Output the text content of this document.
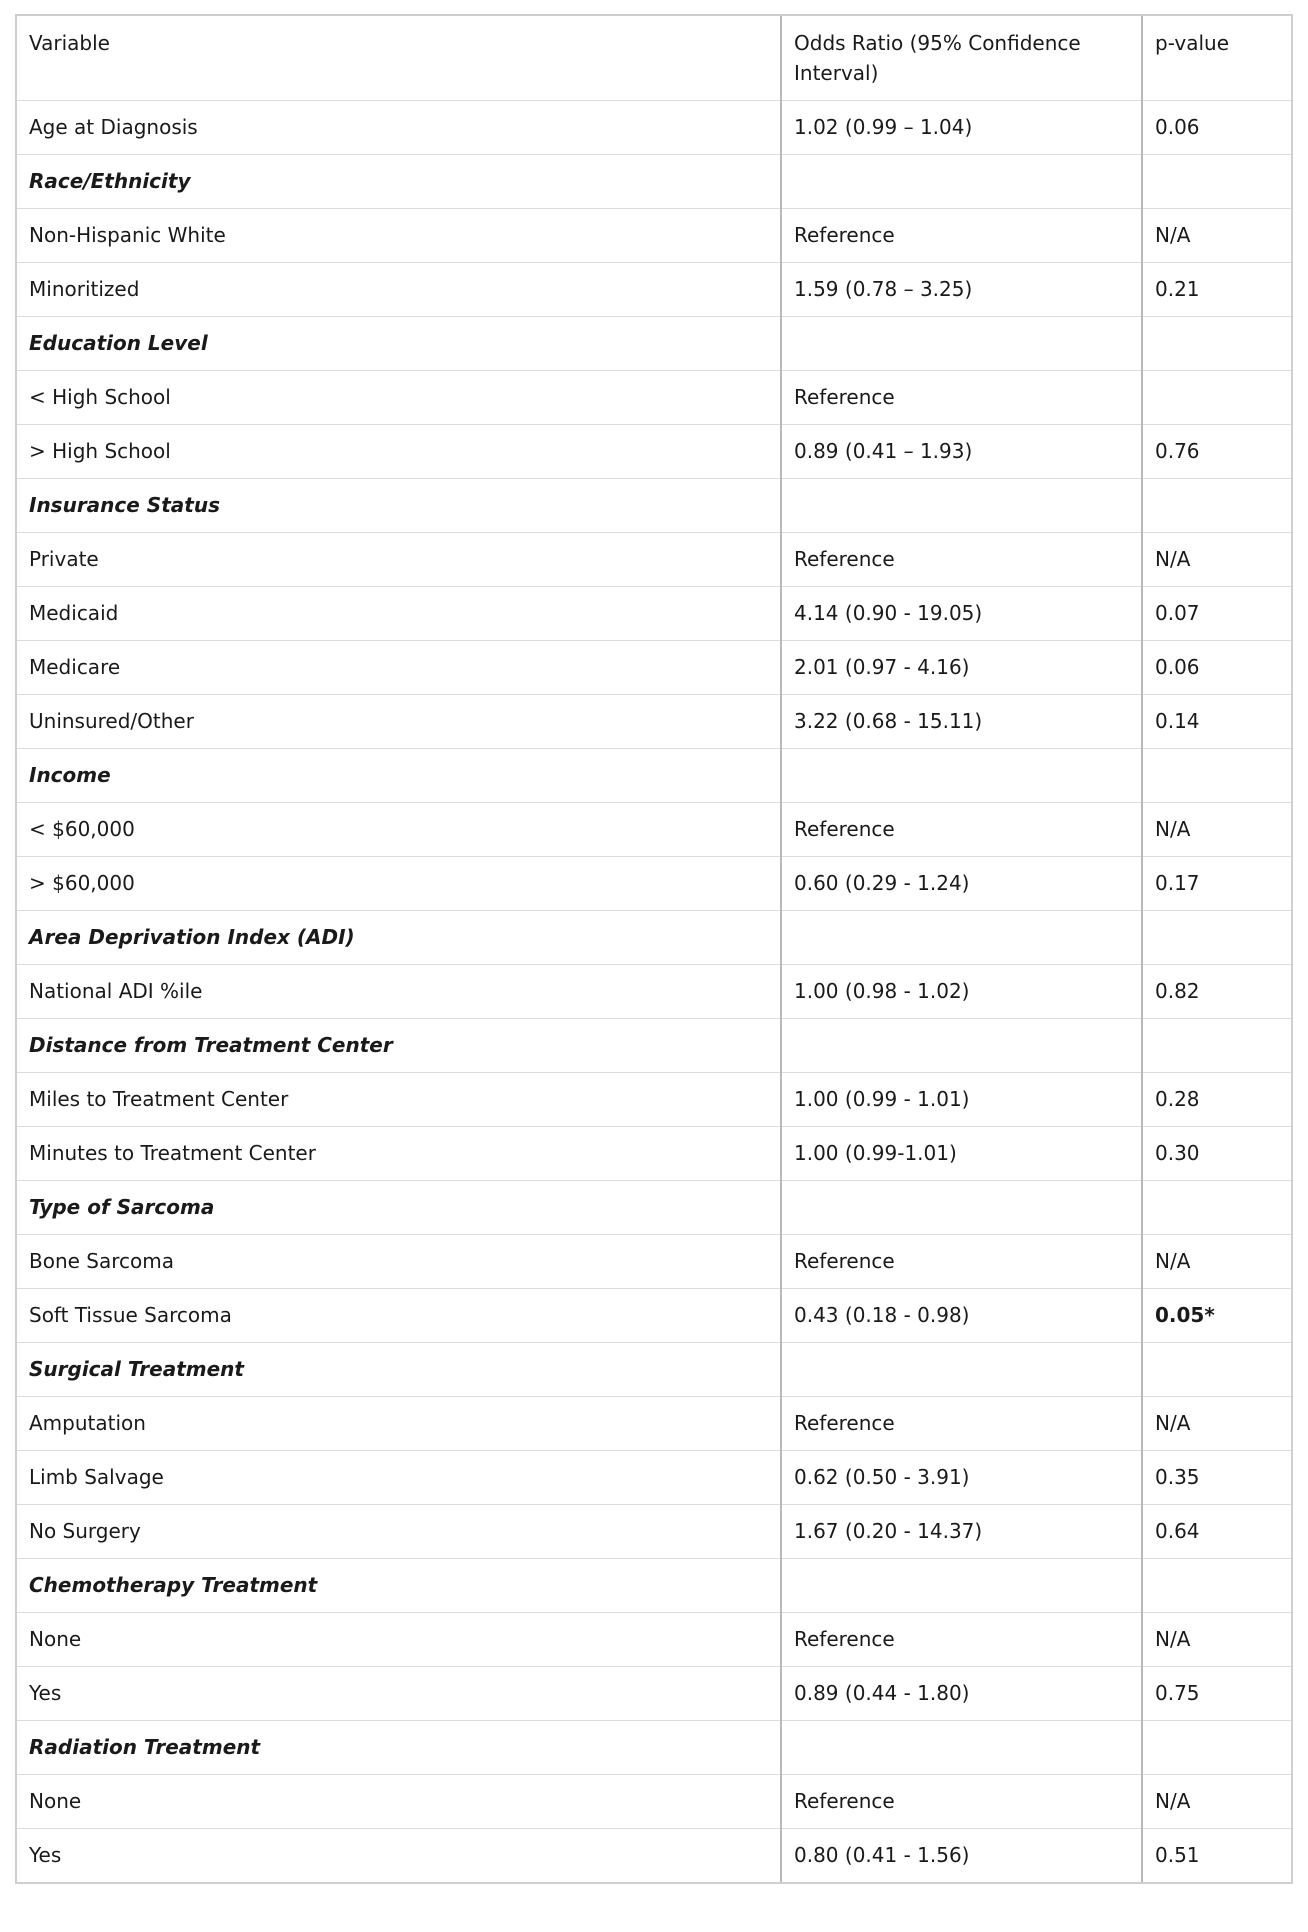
Variable	Odds Ratio (95% Confidence Interval)	p-value
Age at Diagnosis	1.02 (0.99 – 1.04)	0.06
Race/Ethnicity		
Non-Hispanic White	Reference	N/A
Minoritized	1.59 (0.78 – 3.25)	0.21
Education Level		
< High School	Reference	
> High School	0.89 (0.41 – 1.93)	0.76
Insurance Status		
Private	Reference	N/A
Medicaid	4.14 (0.90 - 19.05)	0.07
Medicare	2.01 (0.97 - 4.16)	0.06
Uninsured/Other	3.22 (0.68 - 15.11)	0.14
Income		
< $60,000	Reference	N/A
> $60,000	0.60 (0.29 - 1.24)	0.17
Area Deprivation Index (ADI)		
National ADI %ile	1.00 (0.98 - 1.02)	0.82
Distance from Treatment Center		
Miles to Treatment Center	1.00 (0.99 - 1.01)	0.28
Minutes to Treatment Center	1.00 (0.99-1.01)	0.30
Type of Sarcoma		
Bone Sarcoma	Reference	N/A
Soft Tissue Sarcoma	0.43 (0.18 - 0.98)	0.05*
Surgical Treatment		
Amputation	Reference	N/A
Limb Salvage	0.62 (0.50 - 3.91)	0.35
No Surgery	1.67 (0.20 - 14.37)	0.64
Chemotherapy Treatment		
None	Reference	N/A
Yes	0.89 (0.44 - 1.80)	0.75
Radiation Treatment		
None	Reference	N/A
Yes	0.80 (0.41 - 1.56)	0.51
